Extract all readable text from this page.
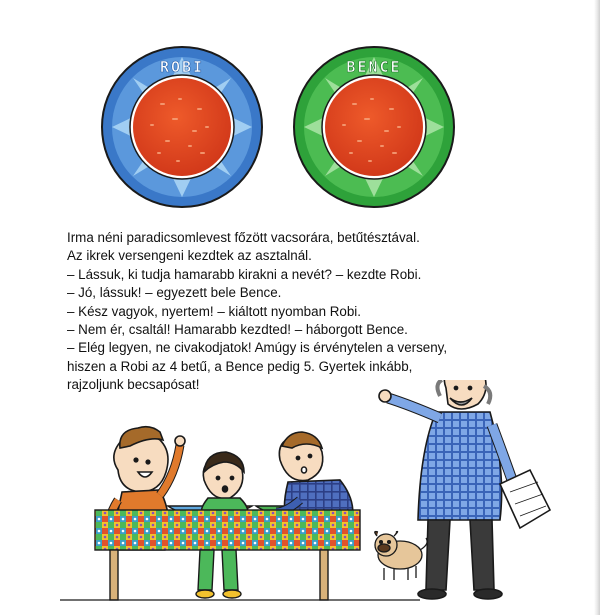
ROBI	BENCE
Irma néni paradicsomlevest főzött vacsorára, betűtésztával.
Az ikrek versengeni kezdtek az asztalnál.
– Lássuk, ki tudja hamarabb kirakni a nevét? – kezdte Robi.
– Jó, lássuk! – egyezett bele Bence.
– Kész vagyok, nyertem! – kiáltott nyomban Robi.
– Nem ér, csaltál! Hamarabb kezdted! – háborgott Bence.
– Elég legyen, ne civakodjatok! Amúgy is érvénytelen a verseny,
hiszen a Robi az 4 betű, a Bence pedig 5. Gyertek inkább,
rajzoljunk becsapósat!
